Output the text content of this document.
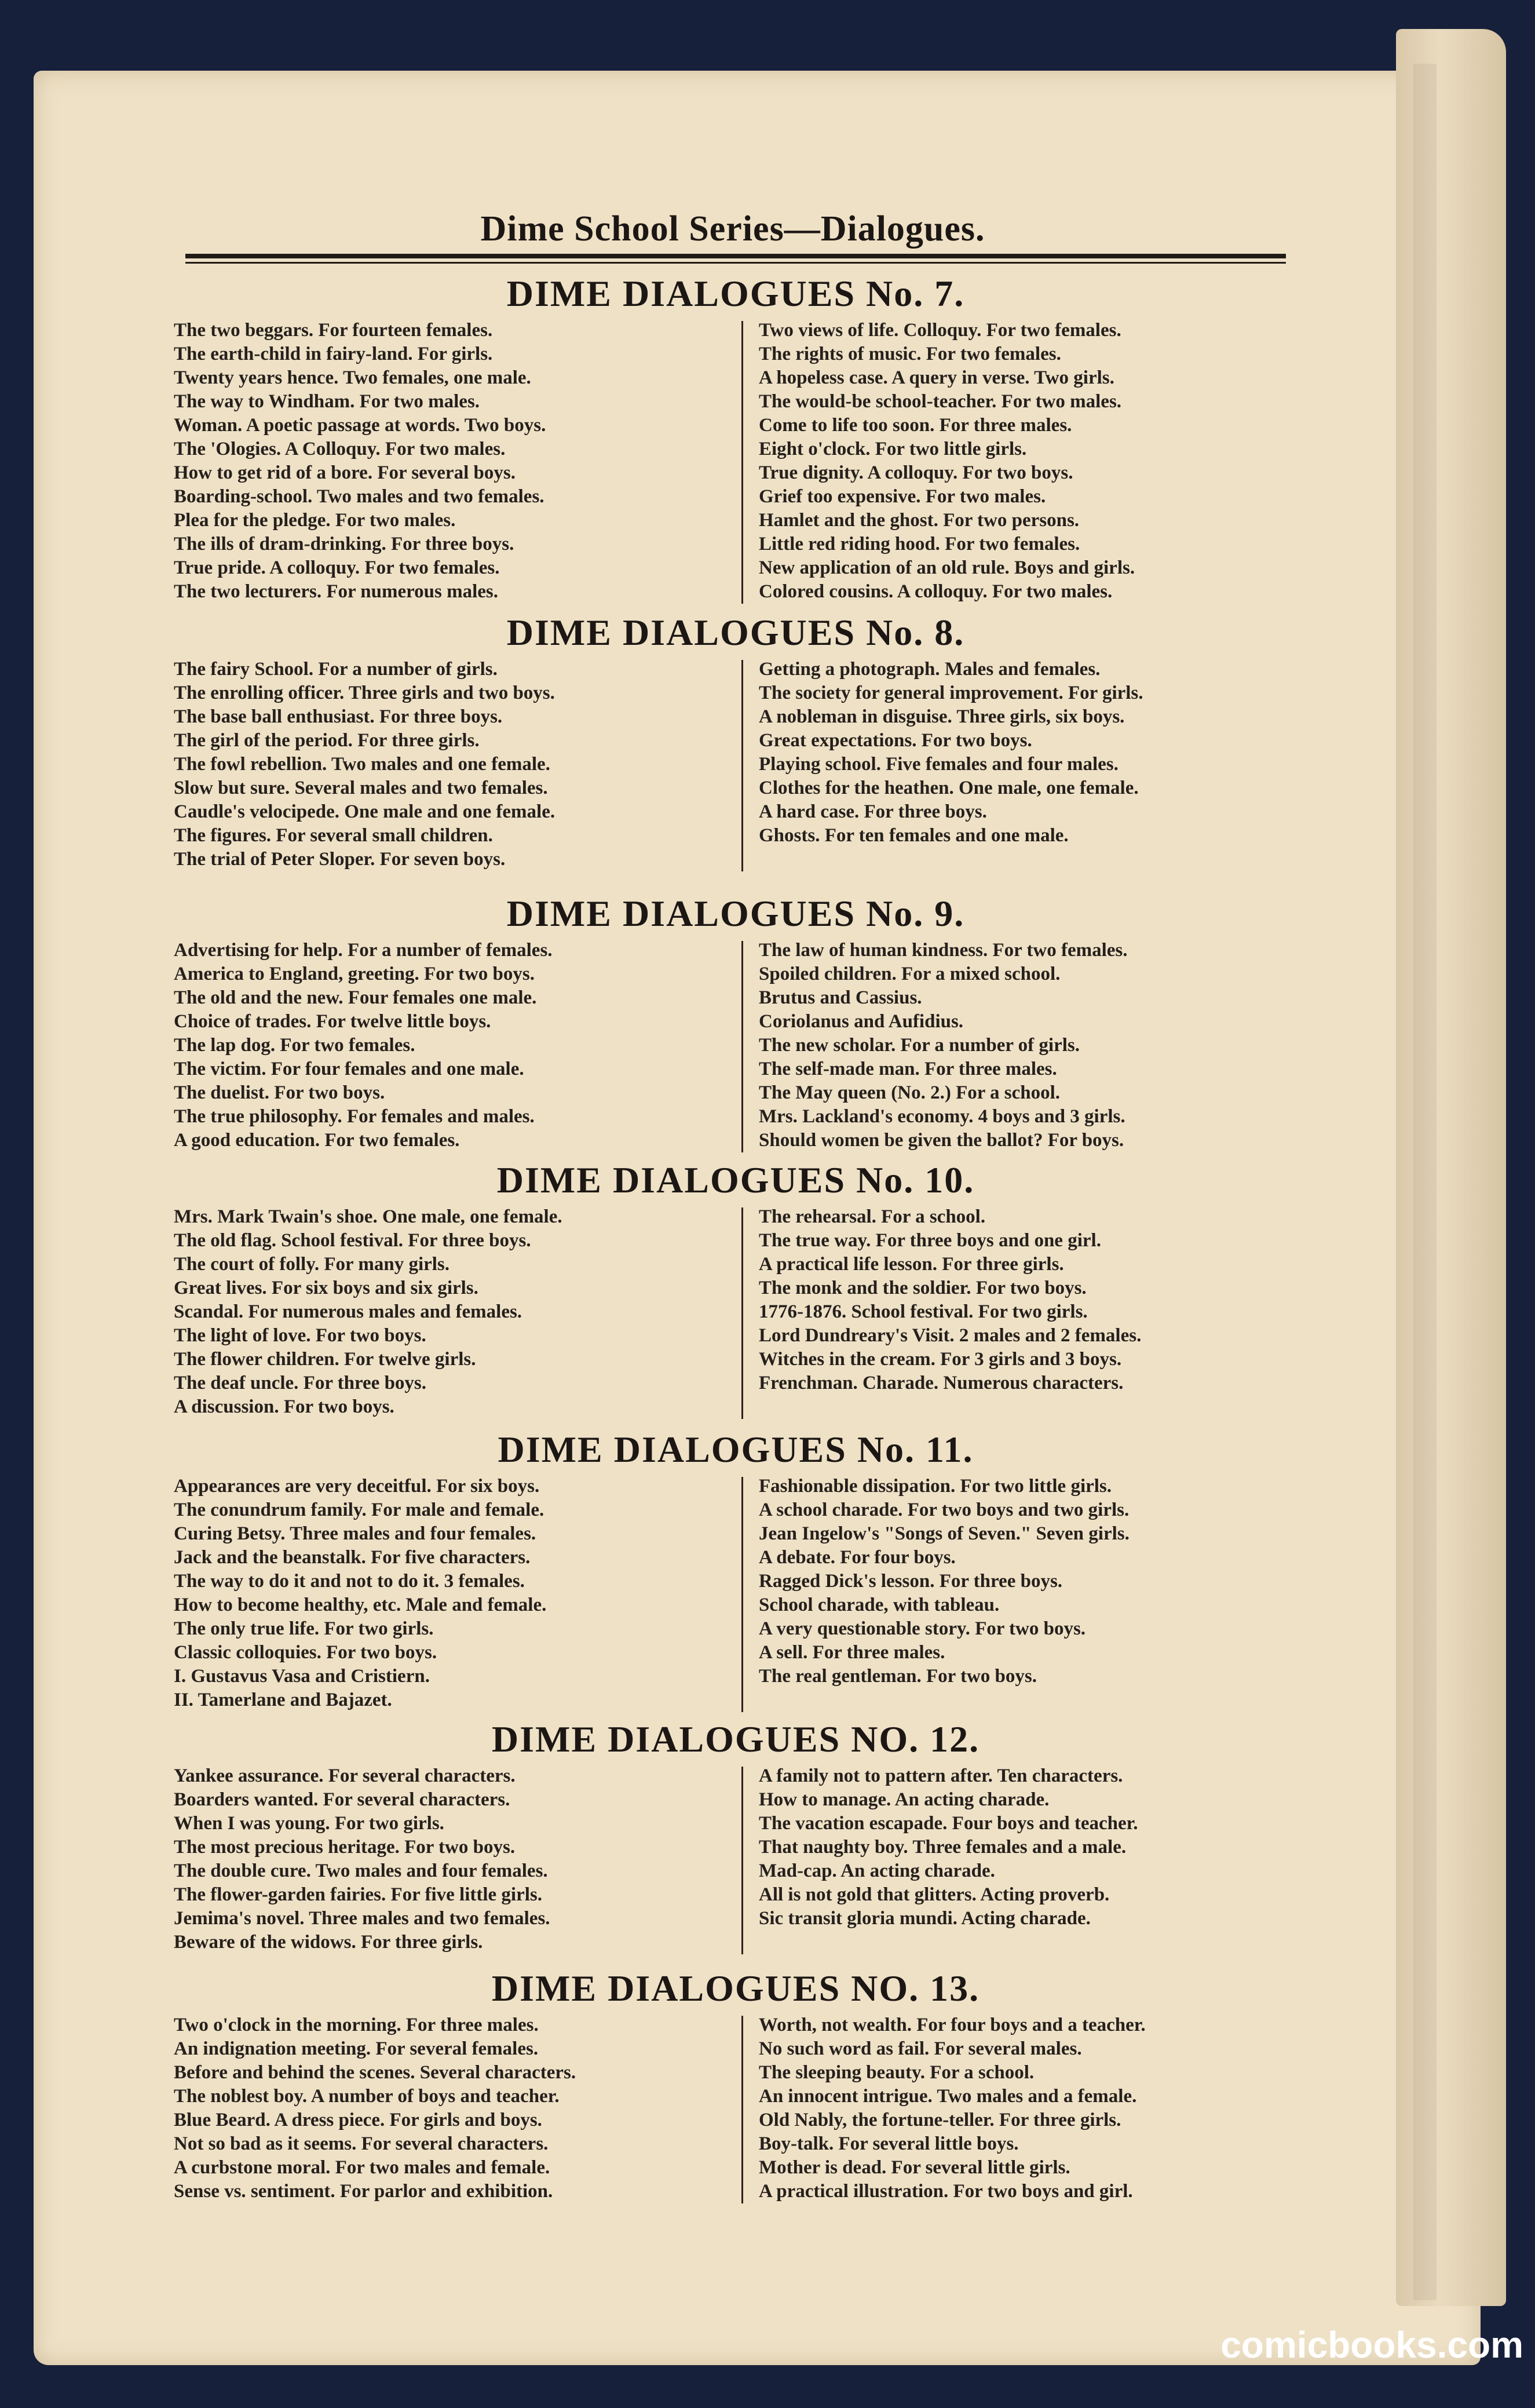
Dime School Series—Dialogues.
DIME DIALOGUES No. 7.
The two beggars. For fourteen females.
The earth-child in fairy-land. For girls.
Twenty years hence. Two females, one male.
The way to Windham. For two males.
Woman. A poetic passage at words. Two boys.
The 'Ologies. A Colloquy. For two males.
How to get rid of a bore. For several boys.
Boarding-school. Two males and two females.
Plea for the pledge. For two males.
The ills of dram-drinking. For three boys.
True pride. A colloquy. For two females.
The two lecturers. For numerous males.
Two views of life. Colloquy. For two females.
The rights of music. For two females.
A hopeless case. A query in verse. Two girls.
The would-be school-teacher. For two males.
Come to life too soon. For three males.
Eight o'clock. For two little girls.
True dignity. A colloquy. For two boys.
Grief too expensive. For two males.
Hamlet and the ghost. For two persons.
Little red riding hood. For two females.
New application of an old rule. Boys and girls.
Colored cousins. A colloquy. For two males.
DIME DIALOGUES No. 8.
The fairy School. For a number of girls.
The enrolling officer. Three girls and two boys.
The base ball enthusiast. For three boys.
The girl of the period. For three girls.
The fowl rebellion. Two males and one female.
Slow but sure. Several males and two females.
Caudle's velocipede. One male and one female.
The figures. For several small children.
The trial of Peter Sloper. For seven boys.
Getting a photograph. Males and females.
The society for general improvement. For girls.
A nobleman in disguise. Three girls, six boys.
Great expectations. For two boys.
Playing school. Five females and four males.
Clothes for the heathen. One male, one female.
A hard case. For three boys.
Ghosts. For ten females and one male.
DIME DIALOGUES No. 9.
Advertising for help. For a number of females.
America to England, greeting. For two boys.
The old and the new. Four females one male.
Choice of trades. For twelve little boys.
The lap dog. For two females.
The victim. For four females and one male.
The duelist. For two boys.
The true philosophy. For females and males.
A good education. For two females.
The law of human kindness. For two females.
Spoiled children. For a mixed school.
Brutus and Cassius.
Coriolanus and Aufidius.
The new scholar. For a number of girls.
The self-made man. For three males.
The May queen (No. 2.) For a school.
Mrs. Lackland's economy. 4 boys and 3 girls.
Should women be given the ballot? For boys.
DIME DIALOGUES No. 10.
Mrs. Mark Twain's shoe. One male, one female.
The old flag. School festival. For three boys.
The court of folly. For many girls.
Great lives. For six boys and six girls.
Scandal. For numerous males and females.
The light of love. For two boys.
The flower children. For twelve girls.
The deaf uncle. For three boys.
A discussion. For two boys.
The rehearsal. For a school.
The true way. For three boys and one girl.
A practical life lesson. For three girls.
The monk and the soldier. For two boys.
1776-1876. School festival. For two girls.
Lord Dundreary's Visit. 2 males and 2 females.
Witches in the cream. For 3 girls and 3 boys.
Frenchman. Charade. Numerous characters.
DIME DIALOGUES No. 11.
Appearances are very deceitful. For six boys.
The conundrum family. For male and female.
Curing Betsy. Three males and four females.
Jack and the beanstalk. For five characters.
The way to do it and not to do it. 3 females.
How to become healthy, etc. Male and female.
The only true life. For two girls.
Classic colloquies. For two boys.
I. Gustavus Vasa and Cristiern.
II. Tamerlane and Bajazet.
Fashionable dissipation. For two little girls.
A school charade. For two boys and two girls.
Jean Ingelow's "Songs of Seven." Seven girls.
A debate. For four boys.
Ragged Dick's lesson. For three boys.
School charade, with tableau.
A very questionable story. For two boys.
A sell. For three males.
The real gentleman. For two boys.
DIME DIALOGUES NO. 12.
Yankee assurance. For several characters.
Boarders wanted. For several characters.
When I was young. For two girls.
The most precious heritage. For two boys.
The double cure. Two males and four females.
The flower-garden fairies. For five little girls.
Jemima's novel. Three males and two females.
Beware of the widows. For three girls.
A family not to pattern after. Ten characters.
How to manage. An acting charade.
The vacation escapade. Four boys and teacher.
That naughty boy. Three females and a male.
Mad-cap. An acting charade.
All is not gold that glitters. Acting proverb.
Sic transit gloria mundi. Acting charade.
DIME DIALOGUES NO. 13.
Two o'clock in the morning. For three males.
An indignation meeting. For several females.
Before and behind the scenes. Several characters.
The noblest boy. A number of boys and teacher.
Blue Beard. A dress piece. For girls and boys.
Not so bad as it seems. For several characters.
A curbstone moral. For two males and female.
Sense vs. sentiment. For parlor and exhibition.
Worth, not wealth. For four boys and a teacher.
No such word as fail. For several males.
The sleeping beauty. For a school.
An innocent intrigue. Two males and a female.
Old Nably, the fortune-teller. For three girls.
Boy-talk. For several little boys.
Mother is dead. For several little girls.
A practical illustration. For two boys and girl.
comicbooks.com
